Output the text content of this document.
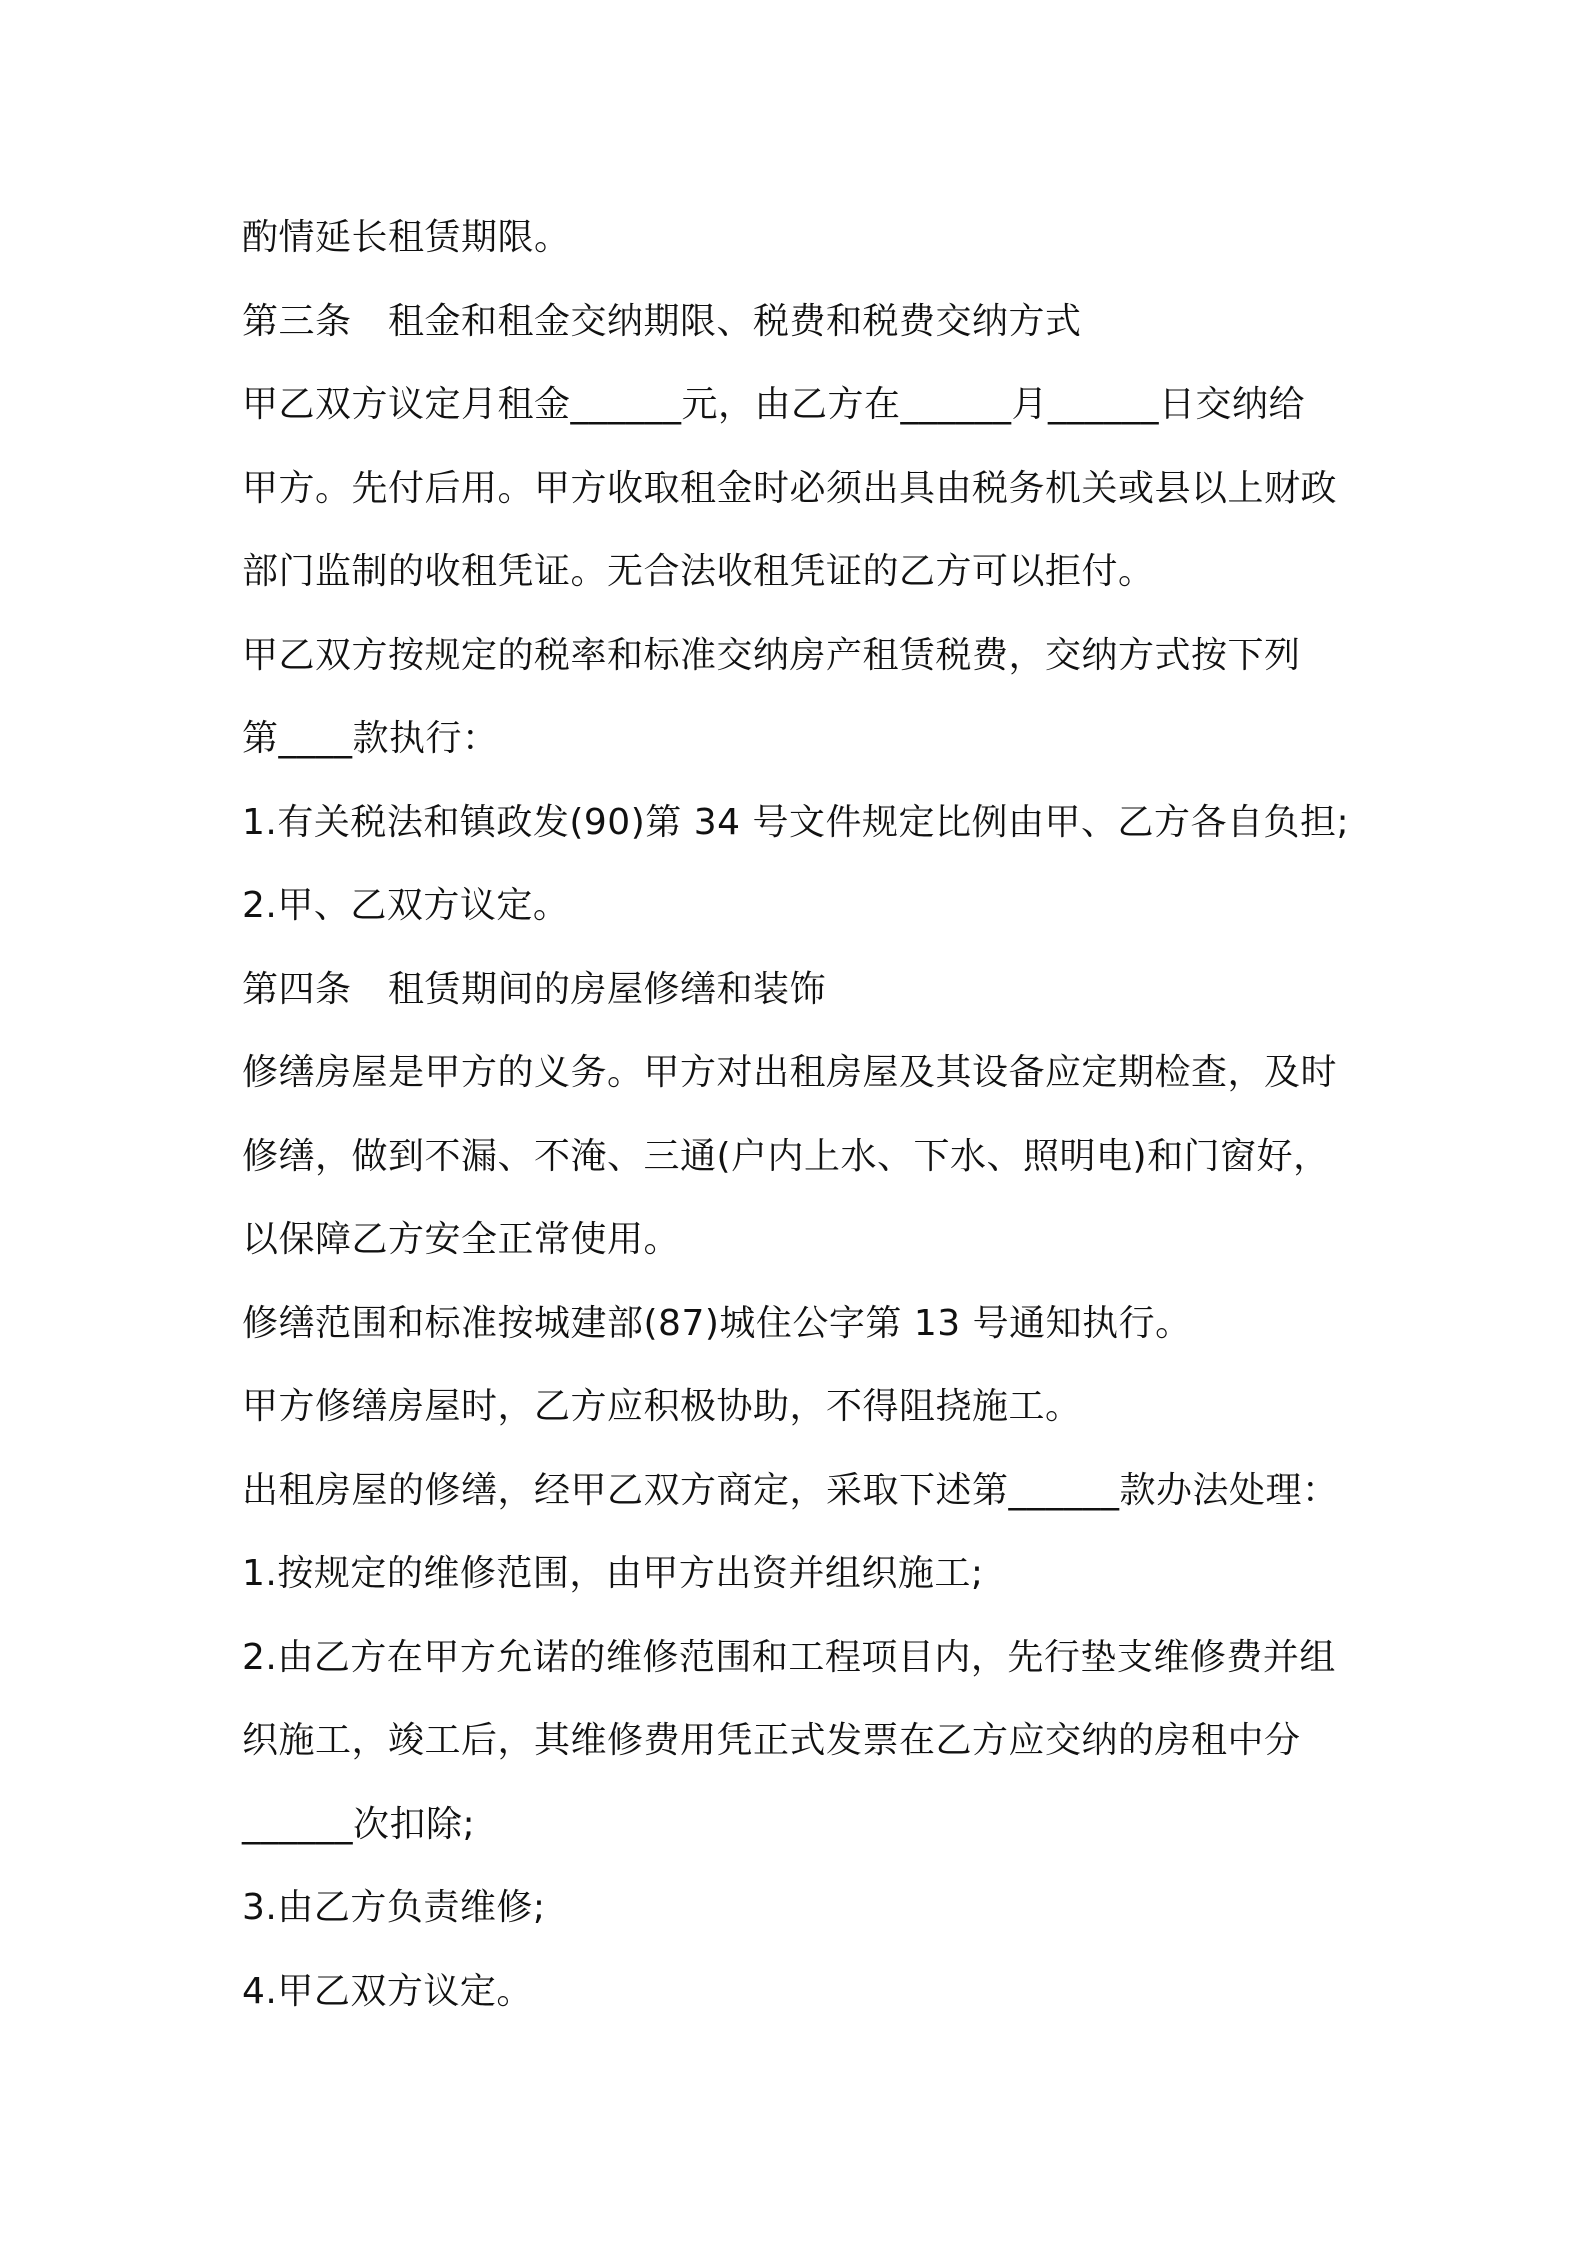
酌情延长租赁期限。
第三条　租金和租金交纳期限、税费和税费交纳方式
甲乙双方议定月租金______元，由乙方在______月______日交纳给
甲方。先付后用。甲方收取租金时必须出具由税务机关或县以上财政
部门监制的收租凭证。无合法收租凭证的乙方可以拒付。
甲乙双方按规定的税率和标准交纳房产租赁税费，交纳方式按下列
第____款执行：
1.有关税法和镇政发(90)第 34 号文件规定比例由甲、乙方各自负担;
2.甲、乙双方议定。
第四条　租赁期间的房屋修缮和装饰
修缮房屋是甲方的义务。甲方对出租房屋及其设备应定期检查，及时
修缮，做到不漏、不淹、三通(户内上水、下水、照明电)和门窗好，
以保障乙方安全正常使用。
修缮范围和标准按城建部(87)城住公字第 13 号通知执行。
甲方修缮房屋时，乙方应积极协助，不得阻挠施工。
出租房屋的修缮，经甲乙双方商定，采取下述第______款办法处理：
1.按规定的维修范围，由甲方出资并组织施工;
2.由乙方在甲方允诺的维修范围和工程项目内，先行垫支维修费并组
织施工，竣工后，其维修费用凭正式发票在乙方应交纳的房租中分
______次扣除;
3.由乙方负责维修;
4.甲乙双方议定。
